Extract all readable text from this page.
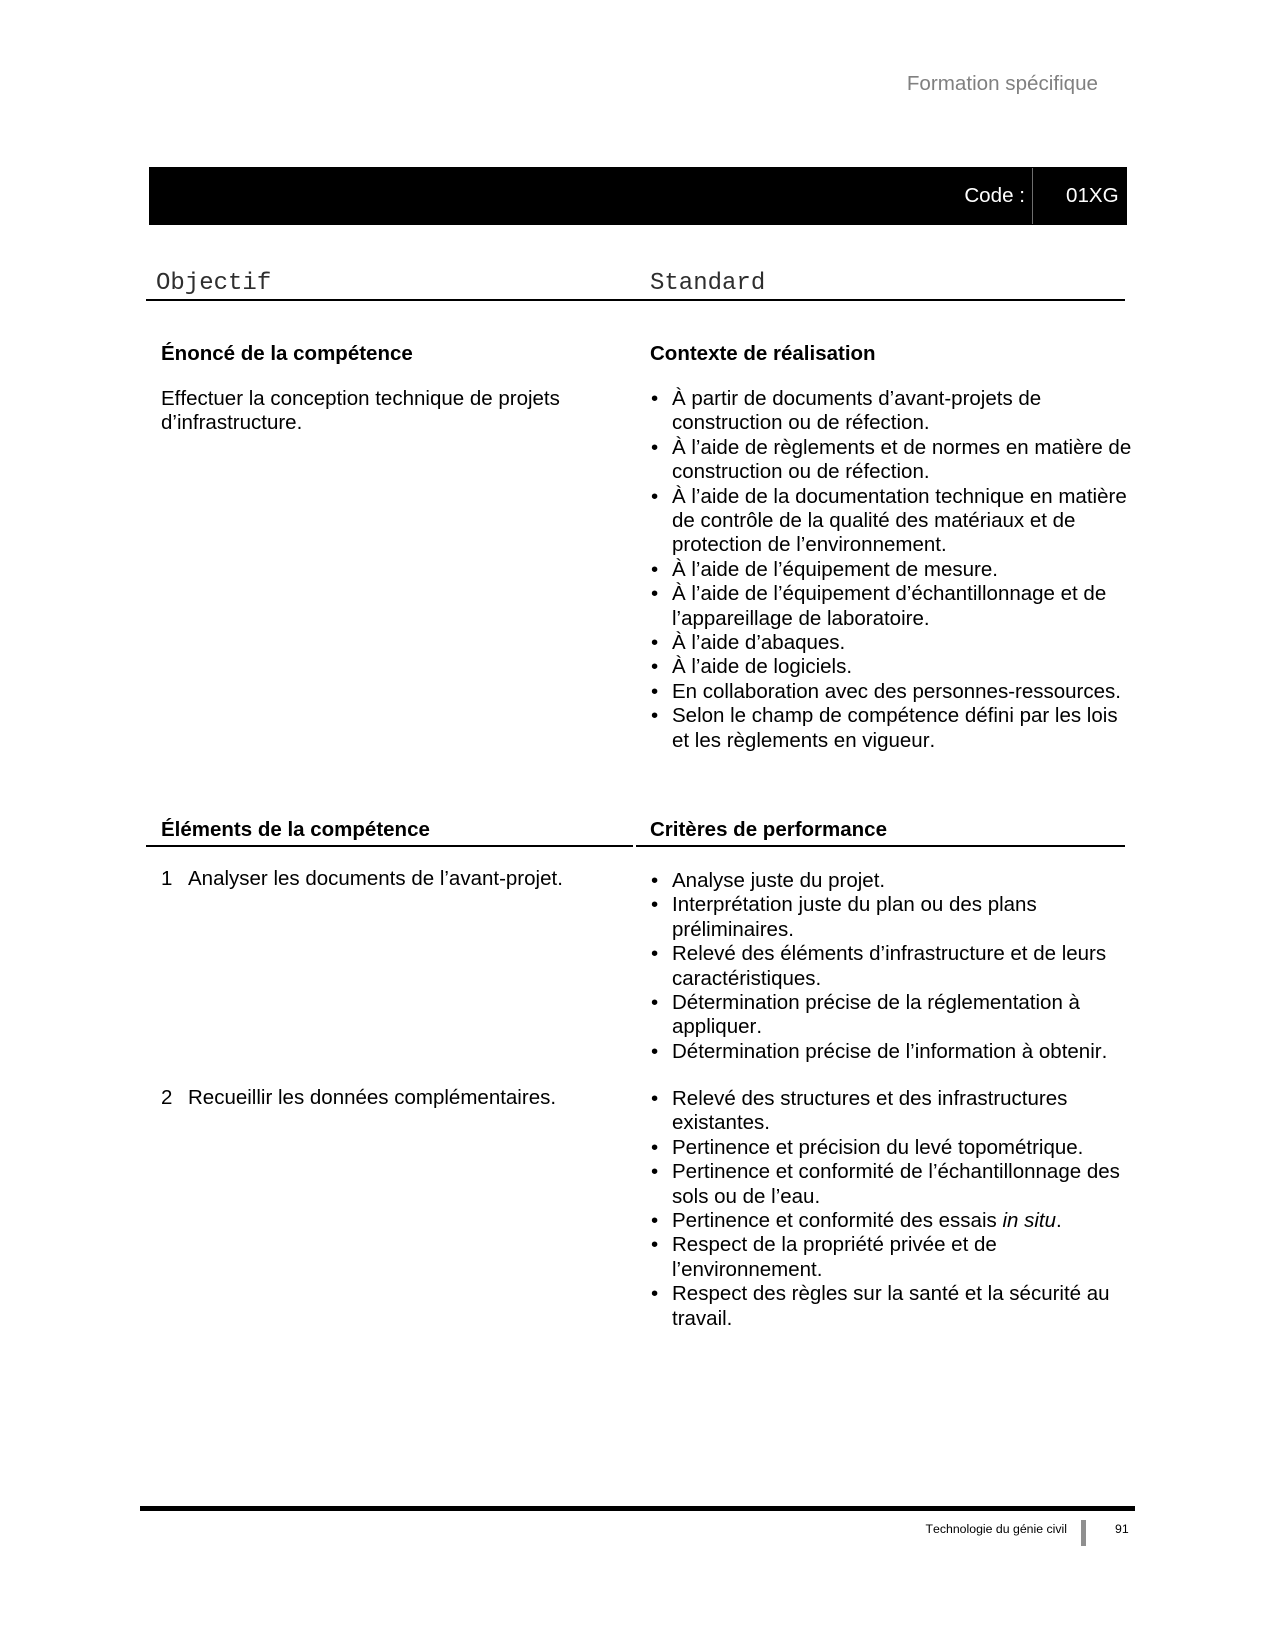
Formation spécifique
Code : 01XG
Objectif	Standard
Énoncé de la compétence	Contexte de réalisation
Effectuer la conception technique de projets d’infrastructure.
• À partir de documents d’avant-projets de construction ou de réfection.
• À l’aide de règlements et de normes en matière de construction ou de réfection.
• À l’aide de la documentation technique en matière de contrôle de la qualité des matériaux et de protection de l’environnement.
• À l’aide de l’équipement de mesure.
• À l’aide de l’équipement d’échantillonnage et de l’appareillage de laboratoire.
• À l’aide d’abaques.
• À l’aide de logiciels.
• En collaboration avec des personnes-ressources.
• Selon le champ de compétence défini par les lois et les règlements en vigueur.
Éléments de la compétence	Critères de performance
1 Analyser les documents de l’avant-projet.	• Analyse juste du projet.
• Interprétation juste du plan ou des plans préliminaires.
• Relevé des éléments d’infrastructure et de leurs caractéristiques.
• Détermination précise de la réglementation à appliquer.
• Détermination précise de l’information à obtenir.
2 Recueillir les données complémentaires.	• Relevé des structures et des infrastructures existantes.
• Pertinence et précision du levé topométrique.
• Pertinence et conformité de l’échantillonnage des sols ou de l’eau.
• Pertinence et conformité des essais in situ.
• Respect de la propriété privée et de l’environnement.
• Respect des règles sur la santé et la sécurité au travail.
Technologie du génie civil	91
